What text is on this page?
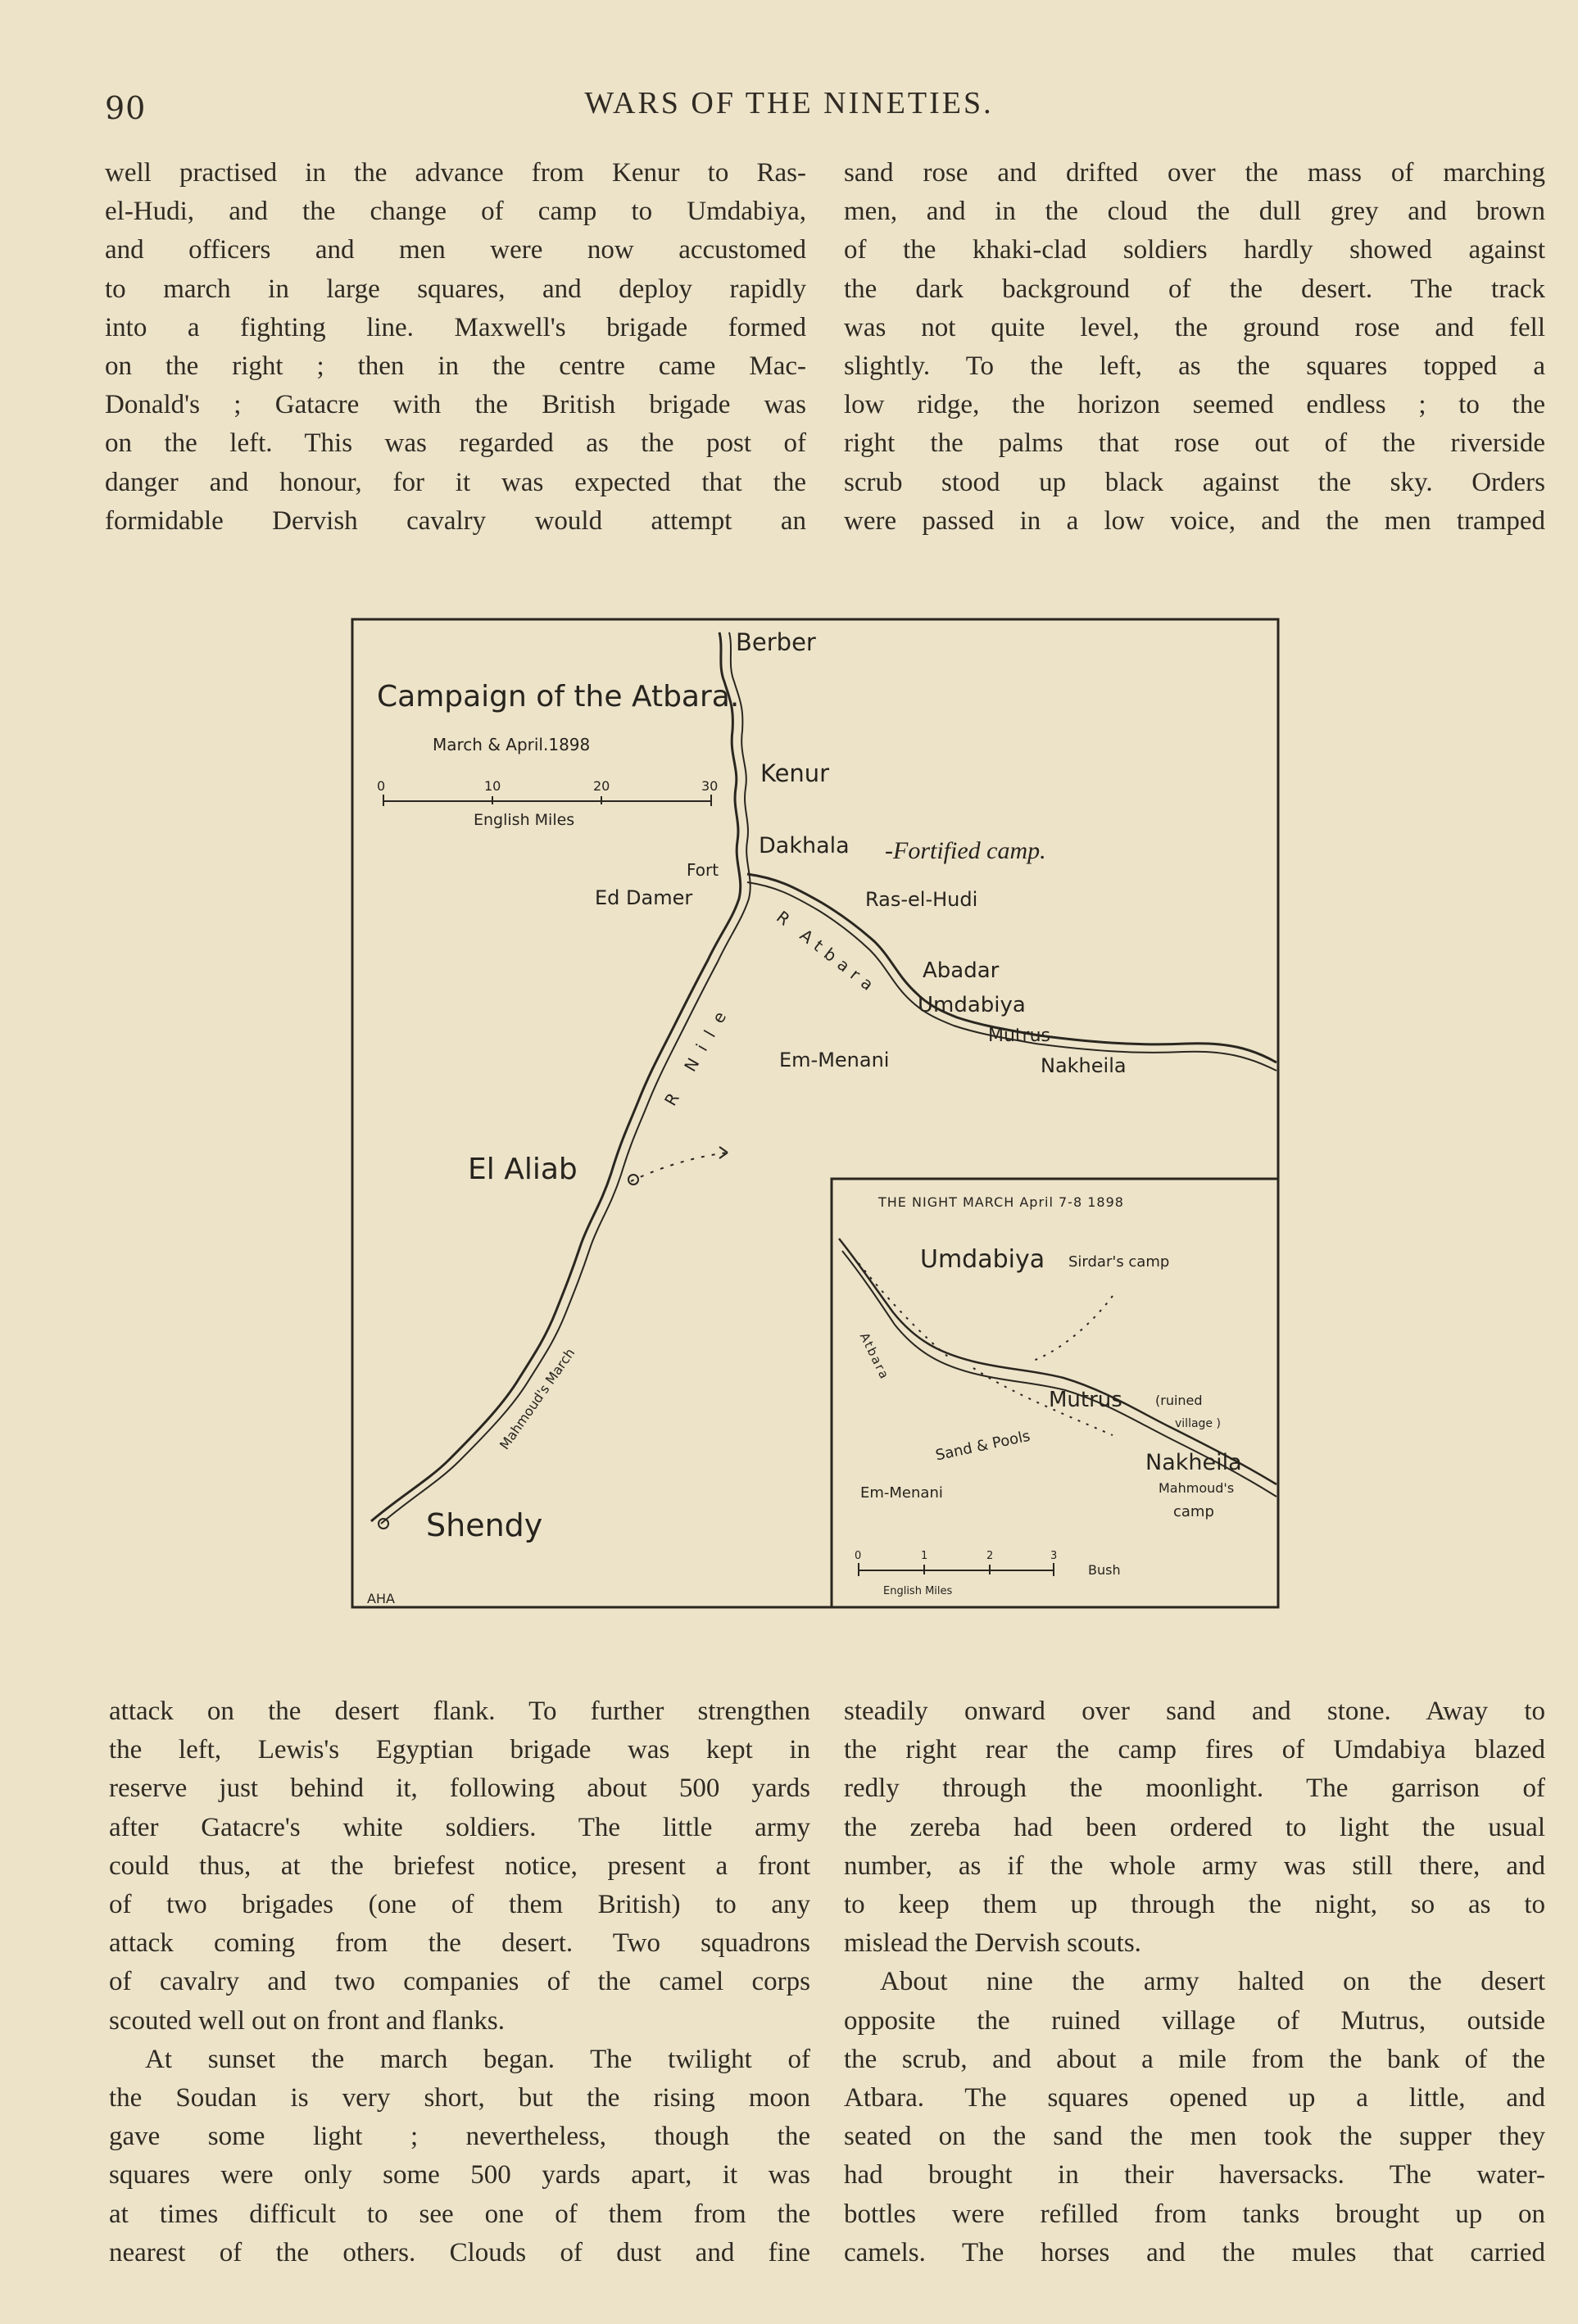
90	WARS OF THE NINETIES.
well practised in the advance from Kenur to Ras-
el-Hudi, and the change of camp to Umdabiya,
and officers and men were now accustomed
to march in large squares, and deploy rapidly
into a fighting line. Maxwell's brigade formed
on the right ; then in the centre came Mac-
Donald's ; Gatacre with the British brigade was
on the left. This was regarded as the post of
danger and honour, for it was expected that the
formidable Dervish cavalry would attempt an
sand rose and drifted over the mass of marching
men, and in the cloud the dull grey and brown
of the khaki-clad soldiers hardly showed against
the dark background of the desert. The track
was not quite level, the ground rose and fell
slightly. To the left, as the squares topped a
low ridge, the horizon seemed endless ; to the
right the palms that rose out of the riverside
scrub stood up black against the sky. Orders
were passed in a low voice, and the men tramped
Campaign of the Atbara.
March & April.1898
0	10	20	30
English Miles
Berber
Kenur
Dakhala -Fortified camp.
Fort
Ed Damer	Ras-el-Hudi
Abadar
Umdabiya
Mutrus
Em-Menani	Nakheila
El Aliab
Shendy
R Atbara
R Nile
Mahmoud's March
AHA
THE NIGHT MARCH April 7-8 1898
Umdabiya Sirdar's camp
Mutrus	(ruined
village )
Nakheila
Mahmoud's
camp
Em-Menani
Sand & Pools
Atbara
Bush
English Miles
0	1	2	3

attack on the desert flank. To further strengthen
the left, Lewis's Egyptian brigade was kept in
reserve just behind it, following about 500 yards
after Gatacre's white soldiers. The little army
could thus, at the briefest notice, present a front
of two brigades (one of them British) to any
attack coming from the desert. Two squadrons
of cavalry and two companies of the camel corps
scouted well out on front and flanks.

At sunset the march began. The twilight of
the Soudan is very short, but the rising moon
gave some light ; nevertheless, though the
squares were only some 500 yards apart, it was
at times difficult to see one of them from the
nearest of the others. Clouds of dust and fine

steadily onward over sand and stone. Away to
the right rear the camp fires of Umdabiya blazed
redly through the moonlight. The garrison of
the zereba had been ordered to light the usual
number, as if the whole army was still there, and
to keep them up through the night, so as to
mislead the Dervish scouts.

About nine the army halted on the desert
opposite the ruined village of Mutrus, outside
the scrub, and about a mile from the bank of the
Atbara. The squares opened up a little, and
seated on the sand the men took the supper they
had brought in their haversacks. The water-
bottles were refilled from tanks brought up on
camels. The horses and the mules that carried
